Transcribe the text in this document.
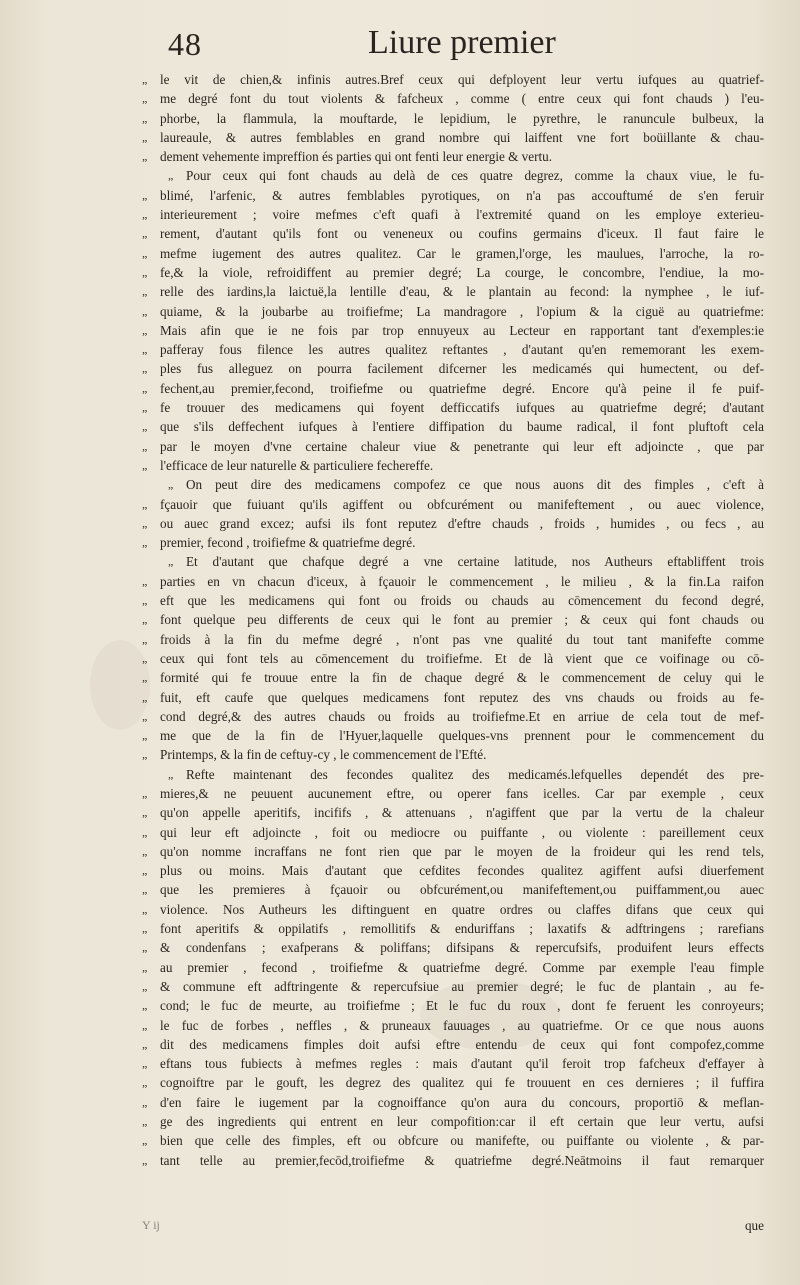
48	Liure premier
„ le vit de chien,& infinis autres.Bref ceux qui defployent leur vertu iufques au quatrief-
„ me degré font du tout violents & fafcheux , comme ( entre ceux qui font chauds ) l'eu-
„ phorbe, la flammula, la mouftarde, le lepidium, le pyrethre, le ranuncule bulbeux, la
„ laureaule, & autres femblables en grand nombre qui laiffent vne fort boüillante & chau-
„ dement vehemente impreffion és parties qui ont fenti leur energie & vertu.
„ Pour ceux qui font chauds au delà de ces quatre degrez, comme la chaux viue, le fu-
„ blimé, l'arfenic, & autres femblables pyrotiques, on n'a pas accouftumé de s'en feruir
„ interieurement ; voire mefmes c'eft quafi à l'extremité quand on les employe exterieu-
„ rement, d'autant qu'ils font ou veneneux ou coufins germains d'iceux. Il faut faire le
„ mefme iugement des autres qualitez. Car le gramen,l'orge, les maulues, l'arroche, la ro-
„ fe,& la viole, refroidiffent au premier degré; La courge, le concombre, l'endiue, la mo-
„ relle des iardins,la laictuë,la lentille d'eau, & le plantain au fecond: la nymphee , le iuf-
„ quiame, & la joubarbe au troifiefme; La mandragore , l'opium & la ciguë au quatriefme:
„ Mais afin que ie ne fois par trop ennuyeux au Lecteur en rapportant tant d'exemples:ie
„ pafferay fous filence les autres qualitez reftantes , d'autant qu'en rememorant les exem-
„ ples fus alleguez on pourra facilement difcerner les medicamés qui humectent, ou def-
„ fechent,au premier,fecond, troifiefme ou quatriefme degré. Encore qu'à peine il fe puif-
„ fe trouuer des medicamens qui foyent defficcatifs iufques au quatriefme degré; d'autant
„ que s'ils deffechent iufques à l'entiere diffipation du baume radical, il font pluftoft cela
„ par le moyen d'vne certaine chaleur viue & penetrante qui leur eft adjoincte , que par
„ l'efficace de leur naturelle & particuliere fechereffe.
„ On peut dire des medicamens compofez ce que nous auons dit des fimples , c'eft à
„ fçauoir que fuiuant qu'ils agiffent ou obfcurément ou manifeftement , ou auec violence,
„ ou auec grand excez; aufsi ils font reputez d'eftre chauds , froids , humides , ou fecs , au
„ premier, fecond , troifiefme & quatriefme degré.
„ Et d'autant que chafque degré a vne certaine latitude, nos Autheurs eftabliffent trois
„ parties en vn chacun d'iceux, à fçauoir le commencement , le milieu , & la fin.La raifon
„ eft que les medicamens qui font ou froids ou chauds au cōmencement du fecond degré,
„ font quelque peu differents de ceux qui le font au premier ; & ceux qui font chauds ou
„ froids à la fin du mefme degré , n'ont pas vne qualité du tout tant manifefte comme
„ ceux qui font tels au cōmencement du troifiefme. Et de là vient que ce voifinage ou cō-
„ formité qui fe trouue entre la fin de chaque degré & le commencement de celuy qui le
„ fuit, eft caufe que quelques medicamens font reputez des vns chauds ou froids au fe-
„ cond degré,& des autres chauds ou froids au troifiefme.Et en arriue de cela tout de mef-
„ me que de la fin de l'Hyuer,laquelle quelques-vns prennent pour le commencement du
„ Printemps, & la fin de ceftuy-cy , le commencement de l'Efté.
„ Refte maintenant des fecondes qualitez des medicamés.lefquelles dependét des pre-
„ mieres,& ne peuuent aucunement eftre, ou operer fans icelles. Car par exemple , ceux
„ qu'on appelle aperitifs, incififs , & attenuans , n'agiffent que par la vertu de la chaleur
„ qui leur eft adjoincte , foit ou mediocre ou puiffante , ou violente : pareillement ceux
„ qu'on nomme incraffans ne font rien que par le moyen de la froideur qui les rend tels,
„ plus ou moins. Mais d'autant que cefdites fecondes qualitez agiffent aufsi diuerfement
„ que les premieres à fçauoir ou obfcurément,ou manifeftement,ou puiffamment,ou auec
„ violence. Nos Autheurs les diftinguent en quatre ordres ou claffes difans que ceux qui
„ font aperitifs & oppilatifs , remollitifs & enduriffans ; laxatifs & adftringens ; rarefians
„ & condenfans ; exafperans & poliffans; difsipans & repercufsifs, produifent leurs effects
„ au premier , fecond , troifiefme & quatriefme degré. Comme par exemple l'eau fimple
„ & commune eft adftringente & repercufsiue au premier degré; le fuc de plantain , au fe-
„ cond; le fuc de meurte, au troifiefme ; Et le fuc du roux , dont fe feruent les conroyeurs;
„ le fuc de forbes , neffles , & pruneaux fauuages , au quatriefme. Or ce que nous auons
„ dit des medicamens fimples doit aufsi eftre entendu de ceux qui font compofez,comme
„ eftans tous fubiects à mefmes regles : mais d'autant qu'il feroit trop fafcheux d'effayer à
„ cognoiftre par le gouft, les degrez des qualitez qui fe trouuent en ces dernieres ; il fuffira
„ d'en faire le iugement par la cognoiffance qu'on aura du concours, proportiō & meflan-
„ ge des ingredients qui entrent en leur compofition:car il eft certain que leur vertu, aufsi
„ bien que celle des fimples, eft ou obfcure ou manifefte, ou puiffante ou violente , & par-
„ tant telle au premier,fecōd,troifiefme & quatriefme degré.Neātmoins il faut remarquer
Y ij	que
